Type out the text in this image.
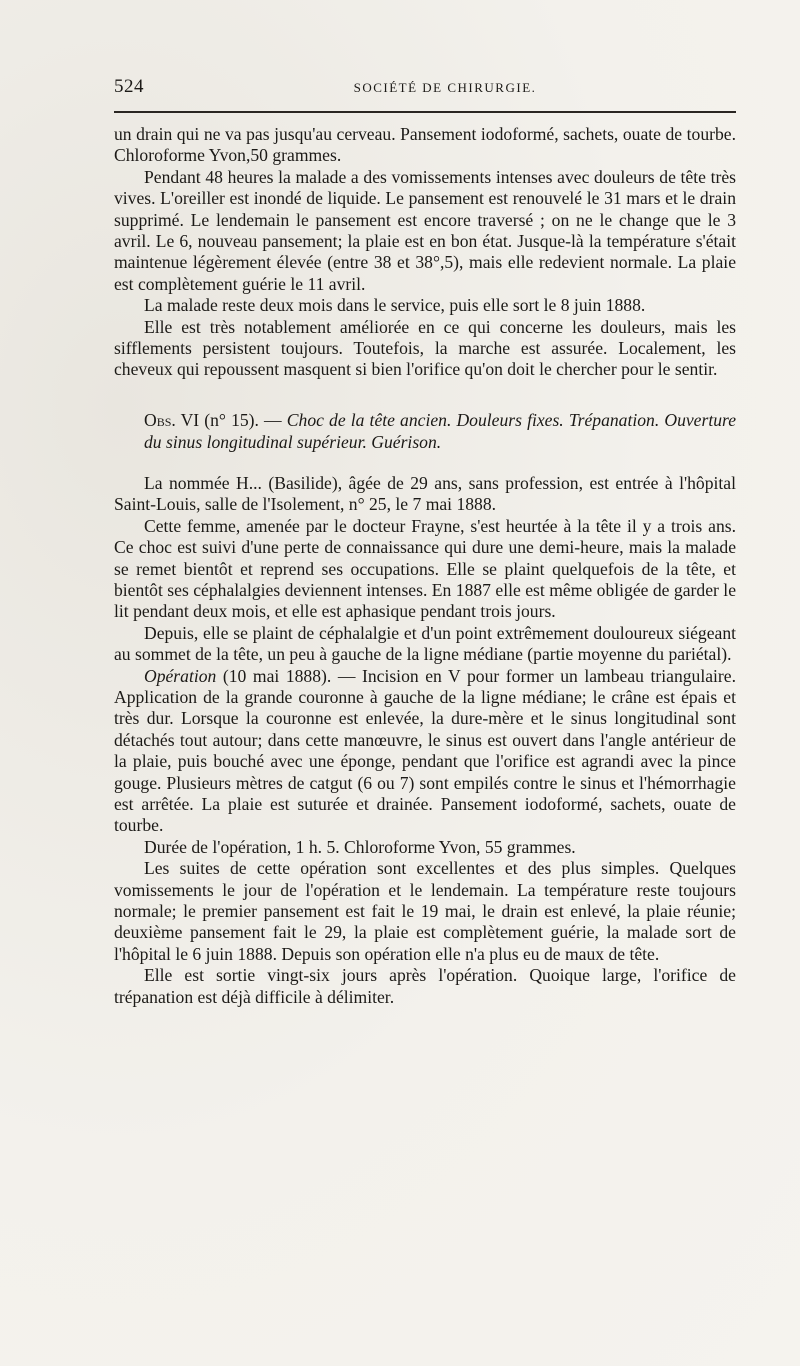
524	SOCIÉTÉ DE CHIRURGIE.

un drain qui ne va pas jusqu'au cerveau. Pansement iodoformé, sachets, ouate de tourbe. Chloroforme Yvon,50 grammes.

Pendant 48 heures la malade a des vomissements intenses avec douleurs de tête très vives. L'oreiller est inondé de liquide. Le pansement est renouvelé le 31 mars et le drain supprimé. Le lendemain le pansement est encore traversé ; on ne le change que le 3 avril. Le 6, nouveau pansement; la plaie est en bon état. Jusque-là la température s'était maintenue légèrement élevée (entre 38 et 38°,5), mais elle redevient normale. La plaie est complètement guérie le 11 avril.

La malade reste deux mois dans le service, puis elle sort le 8 juin 1888.

Elle est très notablement améliorée en ce qui concerne les douleurs, mais les sifflements persistent toujours. Toutefois, la marche est assurée. Localement, les cheveux qui repoussent masquent si bien l'orifice qu'on doit le chercher pour le sentir.

Obs. VI (n° 15). — Choc de la tête ancien. Douleurs fixes. Trépanation. Ouverture du sinus longitudinal supérieur. Guérison.

La nommée H... (Basilide), âgée de 29 ans, sans profession, est entrée à l'hôpital Saint-Louis, salle de l'Isolement, n° 25, le 7 mai 1888.

Cette femme, amenée par le docteur Frayne, s'est heurtée à la tête il y a trois ans. Ce choc est suivi d'une perte de connaissance qui dure une demi-heure, mais la malade se remet bientôt et reprend ses occupations. Elle se plaint quelquefois de la tête, et bientôt ses céphalalgies deviennent intenses. En 1887 elle est même obligée de garder le lit pendant deux mois, et elle est aphasique pendant trois jours.

Depuis, elle se plaint de céphalalgie et d'un point extrêmement douloureux siégeant au sommet de la tête, un peu à gauche de la ligne médiane (partie moyenne du pariétal).

Opération (10 mai 1888). — Incision en V pour former un lambeau triangulaire. Application de la grande couronne à gauche de la ligne médiane; le crâne est épais et très dur. Lorsque la couronne est enlevée, la dure-mère et le sinus longitudinal sont détachés tout autour; dans cette manœuvre, le sinus est ouvert dans l'angle antérieur de la plaie, puis bouché avec une éponge, pendant que l'orifice est agrandi avec la pince gouge. Plusieurs mètres de catgut (6 ou 7) sont empilés contre le sinus et l'hémorrhagie est arrêtée. La plaie est suturée et drainée. Pansement iodoformé, sachets, ouate de tourbe.

Durée de l'opération, 1 h. 5. Chloroforme Yvon, 55 grammes.

Les suites de cette opération sont excellentes et des plus simples. Quelques vomissements le jour de l'opération et le lendemain. La température reste toujours normale; le premier pansement est fait le 19 mai, le drain est enlevé, la plaie réunie; deuxième pansement fait le 29, la plaie est complètement guérie, la malade sort de l'hôpital le 6 juin 1888. Depuis son opération elle n'a plus eu de maux de tête.

Elle est sortie vingt-six jours après l'opération. Quoique large, l'orifice de trépanation est déjà difficile à délimiter.
